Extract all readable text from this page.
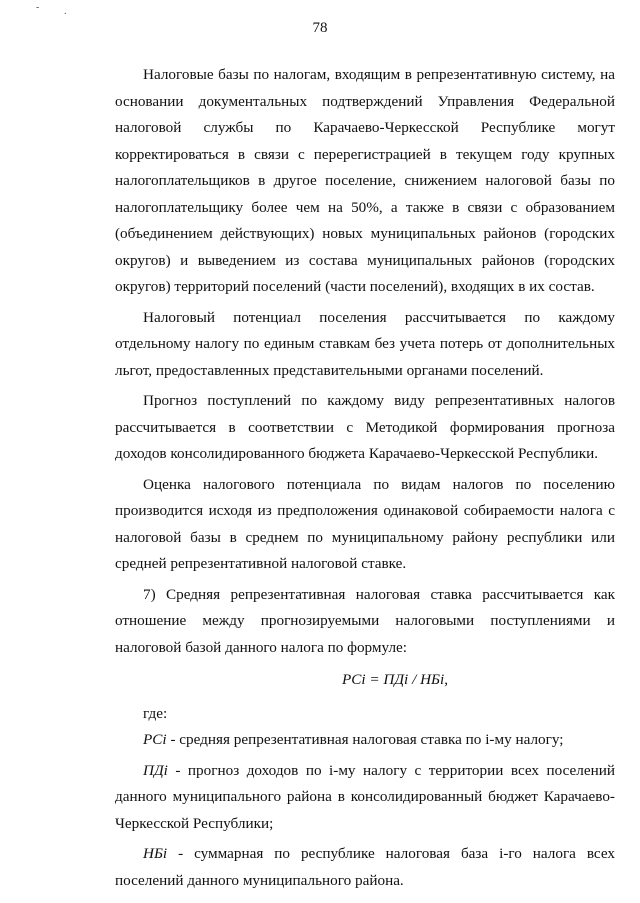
- .
78

Налоговые базы по налогам, входящим в репрезентативную систему, на основании документальных подтверждений Управления Федеральной налоговой службы по Карачаево-Черкесской Республике могут корректироваться в связи с перерегистрацией в текущем году крупных налогоплательщиков в другое поселение, снижением налоговой базы по налогоплательщику более чем на 50%, а также в связи с образованием (объединением действующих) новых муниципальных районов (городских округов) и выведением из состава муниципальных районов (городских округов) территорий поселений (части поселений), входящих в их состав.

Налоговый потенциал поселения рассчитывается по каждому отдельному налогу по единым ставкам без учета потерь от дополнительных льгот, предоставленных представительными органами поселений.

Прогноз поступлений по каждому виду репрезентативных налогов рассчитывается в соответствии с Методикой формирования прогноза доходов консолидированного бюджета Карачаево-Черкесской Республики.

Оценка налогового потенциала по видам налогов по поселению производится исходя из предположения одинаковой собираемости налога с налоговой базы в среднем по муниципальному району республики или средней репрезентативной налоговой ставке.

7) Средняя репрезентативная налоговая ставка рассчитывается как отношение между прогнозируемыми налоговыми поступлениями и налоговой базой данного налога по формуле:

РСi = ПДi / НБi,

где:

РСi - средняя репрезентативная налоговая ставка по i-му налогу;

ПДi - прогноз доходов по i-му налогу с территории всех поселений данного муниципального района в консолидированный бюджет Карачаево-Черкесской Республики;

НБi - суммарная по республике налоговая база i-го налога всех поселений данного муниципального района.
